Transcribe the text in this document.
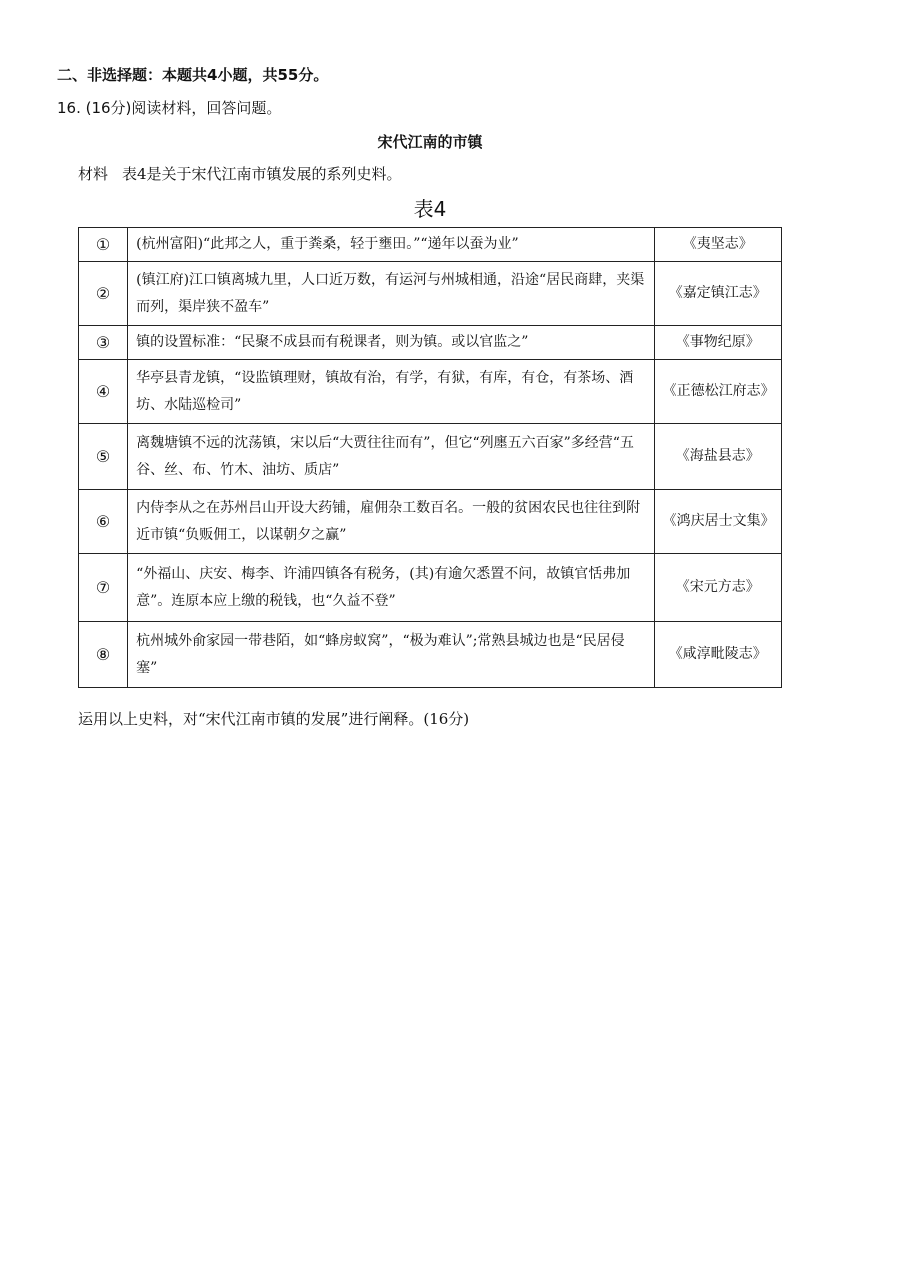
二、非选择题：本题共4小题，共55分。
16. (16分)阅读材料，回答问题。
宋代江南的市镇
材料 表4是关于宋代江南市镇发展的系列史料。
表4
①	(杭州富阳)“此邦之人，重于粪桑，轻于壅田。”“递年以蚕为业”	《夷坚志》
②	(镇江府)江口镇离城九里，人口近万数，有运河与州城相通，沿途“居民商肆，夹渠而列，渠岸狭不盈车”	《嘉定镇江志》
③	镇的设置标准：“民聚不成县而有税课者，则为镇。或以官监之”	《事物纪原》
④	华亭县青龙镇，“设监镇理财，镇故有治，有学，有狱，有库，有仓，有茶场、酒坊、水陆巡检司”	《正德松江府志》
⑤	离魏塘镇不远的沈荡镇，宋以后“大贾往往而有”，但它“列廛五六百家”多经营“五谷、丝、布、竹木、油坊、质店”	《海盐县志》
⑥	内侍李从之在苏州吕山开设大药铺，雇佣杂工数百名。一般的贫困农民也往往到附近市镇“负贩佣工，以谋朝夕之赢”	《鸿庆居士文集》
⑦	“外福山、庆安、梅李、许浦四镇各有税务，(其)有逾欠悉置不问，故镇官恬弗加意”。连原本应上缴的税钱，也“久益不登”	《宋元方志》
⑧	杭州城外俞家园一带巷陌，如“蜂房蚁窝”，“极为难认”;常熟县城边也是“民居侵塞”	《咸淳毗陵志》
运用以上史料，对“宋代江南市镇的发展”进行阐释。(16分)
